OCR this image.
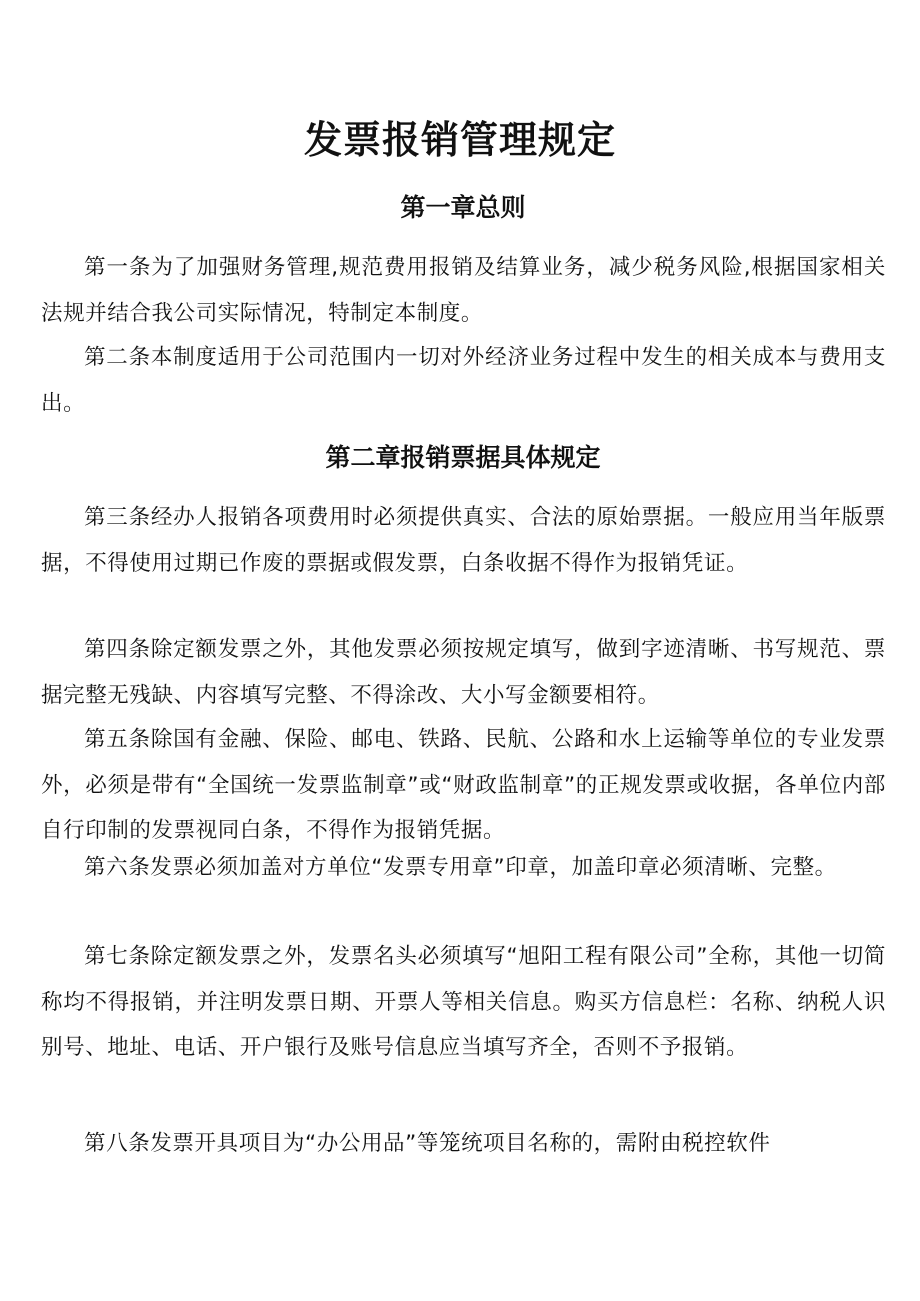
发票报销管理规定
第一章总则

第一条为了加强财务管理,规范费用报销及结算业务，减少税务风险,根据国家相关法规并结合我公司实际情况，特制定本制度。

第二条本制度适用于公司范围内一切对外经济业务过程中发生的相关成本与费用支出。

第二章报销票据具体规定

第三条经办人报销各项费用时必须提供真实、合法的原始票据。一般应用当年版票据，不得使用过期已作废的票据或假发票，白条收据不得作为报销凭证。

第四条除定额发票之外，其他发票必须按规定填写，做到字迹清晰、书写规范、票据完整无残缺、内容填写完整、不得涂改、大小写金额要相符。

第五条除国有金融、保险、邮电、铁路、民航、公路和水上运输等单位的专业发票外，必须是带有“全国统一发票监制章”或“财政监制章”的正规发票或收据，各单位内部自行印制的发票视同白条，不得作为报销凭据。

第六条发票必须加盖对方单位“发票专用章”印章，加盖印章必须清晰、完整。

第七条除定额发票之外，发票名头必须填写“旭阳工程有限公司”全称，其他一切简称均不得报销，并注明发票日期、开票人等相关信息。购买方信息栏：名称、纳税人识别号、地址、电话、开户银行及账号信息应当填写齐全，否则不予报销。

第八条发票开具项目为“办公用品”等笼统项目名称的，需附由税控软件
